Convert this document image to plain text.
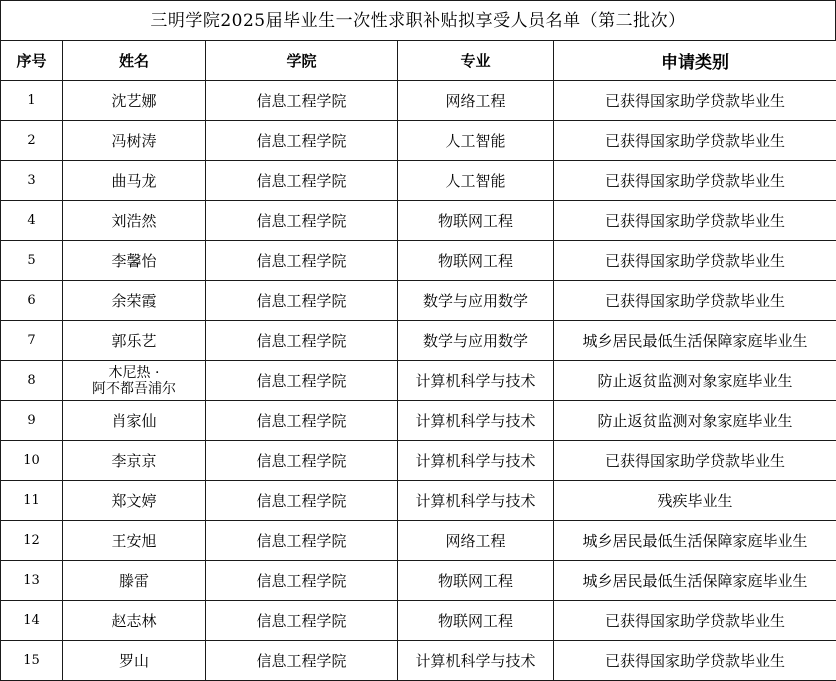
三明学院2025届毕业生一次性求职补贴拟享受人员名单（第二批次）
序号	姓名	学院	专业	申请类别
1	沈艺娜	信息工程学院	网络工程	已获得国家助学贷款毕业生
2	冯树涛	信息工程学院	人工智能	已获得国家助学贷款毕业生
3	曲马龙	信息工程学院	人工智能	已获得国家助学贷款毕业生
4	刘浩然	信息工程学院	物联网工程	已获得国家助学贷款毕业生
5	李馨怡	信息工程学院	物联网工程	已获得国家助学贷款毕业生
6	余荣霞	信息工程学院	数学与应用数学	已获得国家助学贷款毕业生
7	郭乐艺	信息工程学院	数学与应用数学	城乡居民最低生活保障家庭毕业生
8	木尼热 ·
阿不都吾浦尔	信息工程学院	计算机科学与技术	防止返贫监测对象家庭毕业生
9	肖家仙	信息工程学院	计算机科学与技术	防止返贫监测对象家庭毕业生
10	李京京	信息工程学院	计算机科学与技术	已获得国家助学贷款毕业生
11	郑文婷	信息工程学院	计算机科学与技术	残疾毕业生
12	王安旭	信息工程学院	网络工程	城乡居民最低生活保障家庭毕业生
13	滕雷	信息工程学院	物联网工程	城乡居民最低生活保障家庭毕业生
14	赵志林	信息工程学院	物联网工程	已获得国家助学贷款毕业生
15	罗山	信息工程学院	计算机科学与技术	已获得国家助学贷款毕业生
